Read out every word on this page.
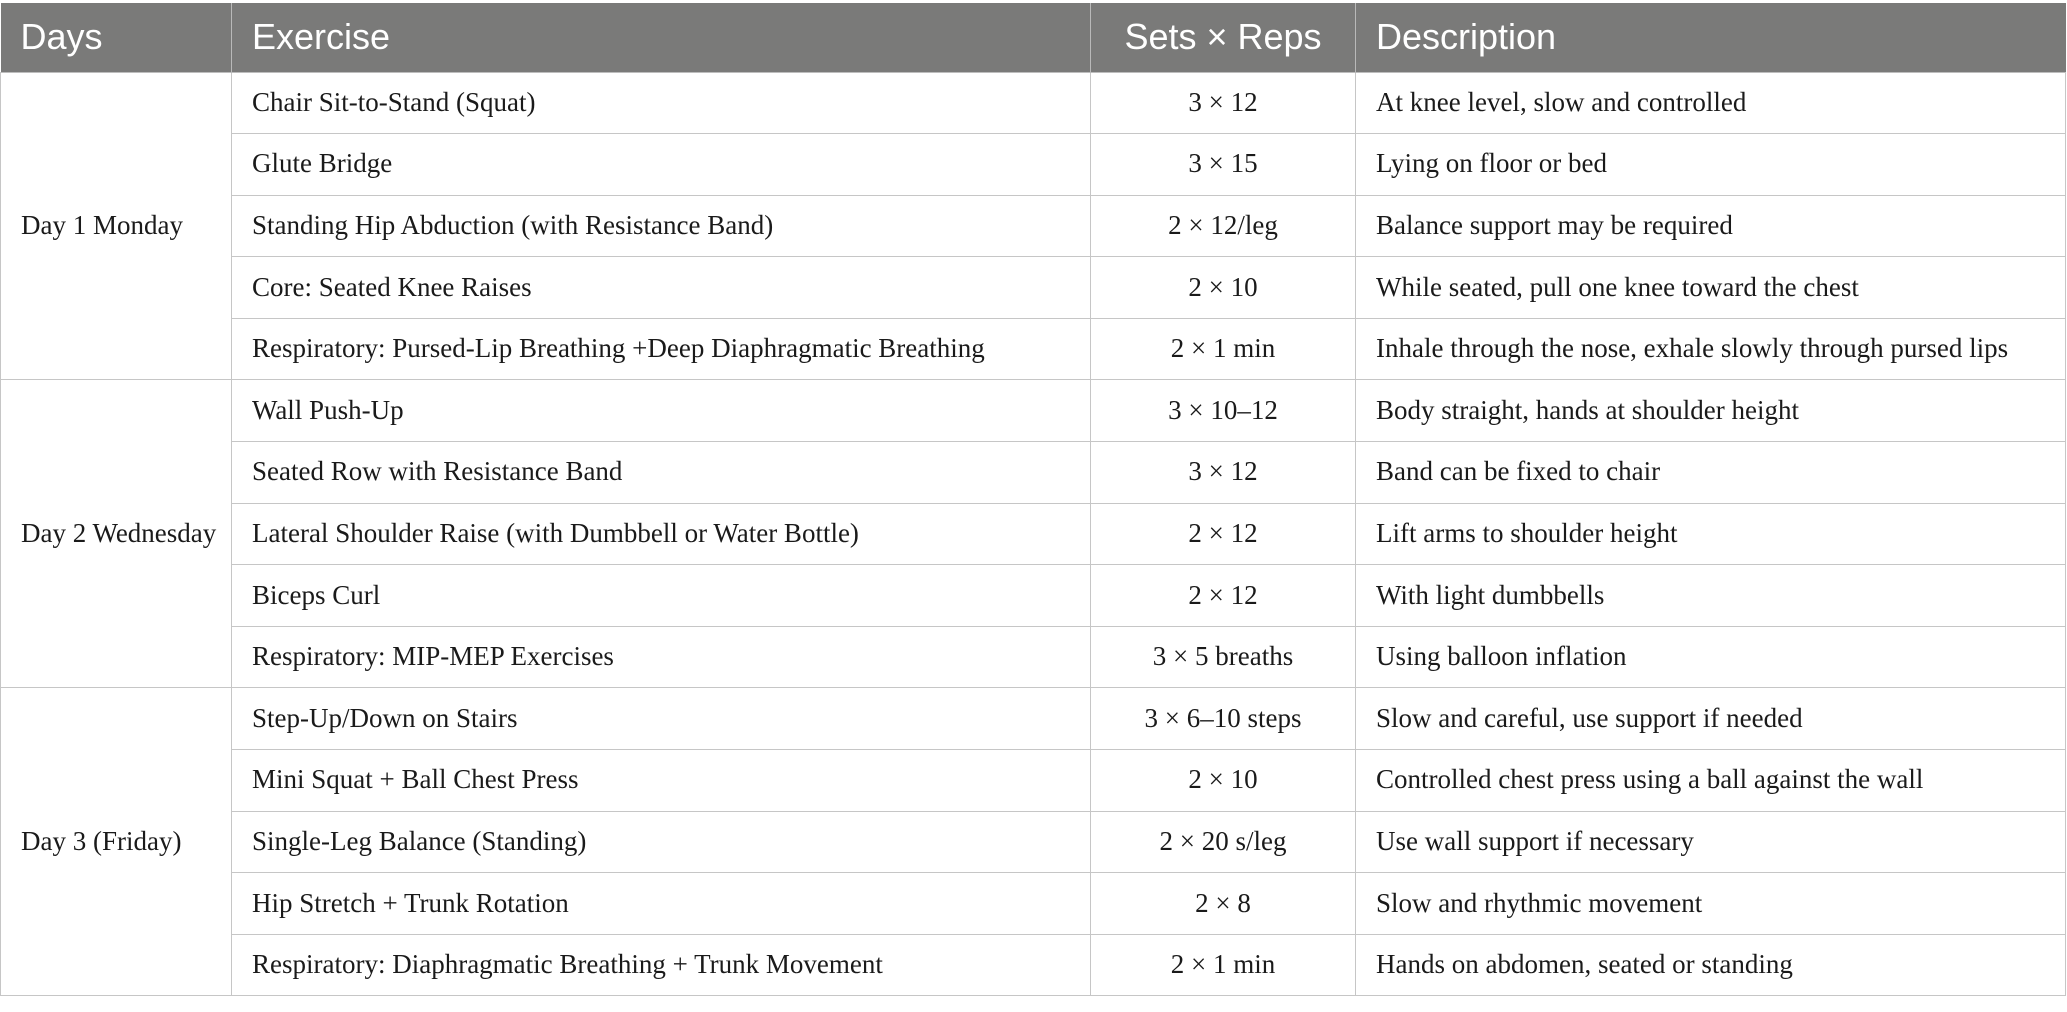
Days	Exercise	Sets × Reps	Description
Day 1 Monday	Chair Sit-to-Stand (Squat)	3 × 12	At knee level, slow and controlled
	Glute Bridge	3 × 15	Lying on floor or bed
	Standing Hip Abduction (with Resistance Band)	2 × 12/leg	Balance support may be required
	Core: Seated Knee Raises	2 × 10	While seated, pull one knee toward the chest
	Respiratory: Pursed-Lip Breathing +Deep Diaphragmatic Breathing	2 × 1 min	Inhale through the nose, exhale slowly through pursed lips
Day 2 Wednesday	Wall Push-Up	3 × 10–12	Body straight, hands at shoulder height
	Seated Row with Resistance Band	3 × 12	Band can be fixed to chair
	Lateral Shoulder Raise (with Dumbbell or Water Bottle)	2 × 12	Lift arms to shoulder height
	Biceps Curl	2 × 12	With light dumbbells
	Respiratory: MIP-MEP Exercises	3 × 5 breaths	Using balloon inflation
Day 3 (Friday)	Step-Up/Down on Stairs	3 × 6–10 steps	Slow and careful, use support if needed
	Mini Squat + Ball Chest Press	2 × 10	Controlled chest press using a ball against the wall
	Single-Leg Balance (Standing)	2 × 20 s/leg	Use wall support if necessary
	Hip Stretch + Trunk Rotation	2 × 8	Slow and rhythmic movement
	Respiratory: Diaphragmatic Breathing + Trunk Movement	2 × 1 min	Hands on abdomen, seated or standing
